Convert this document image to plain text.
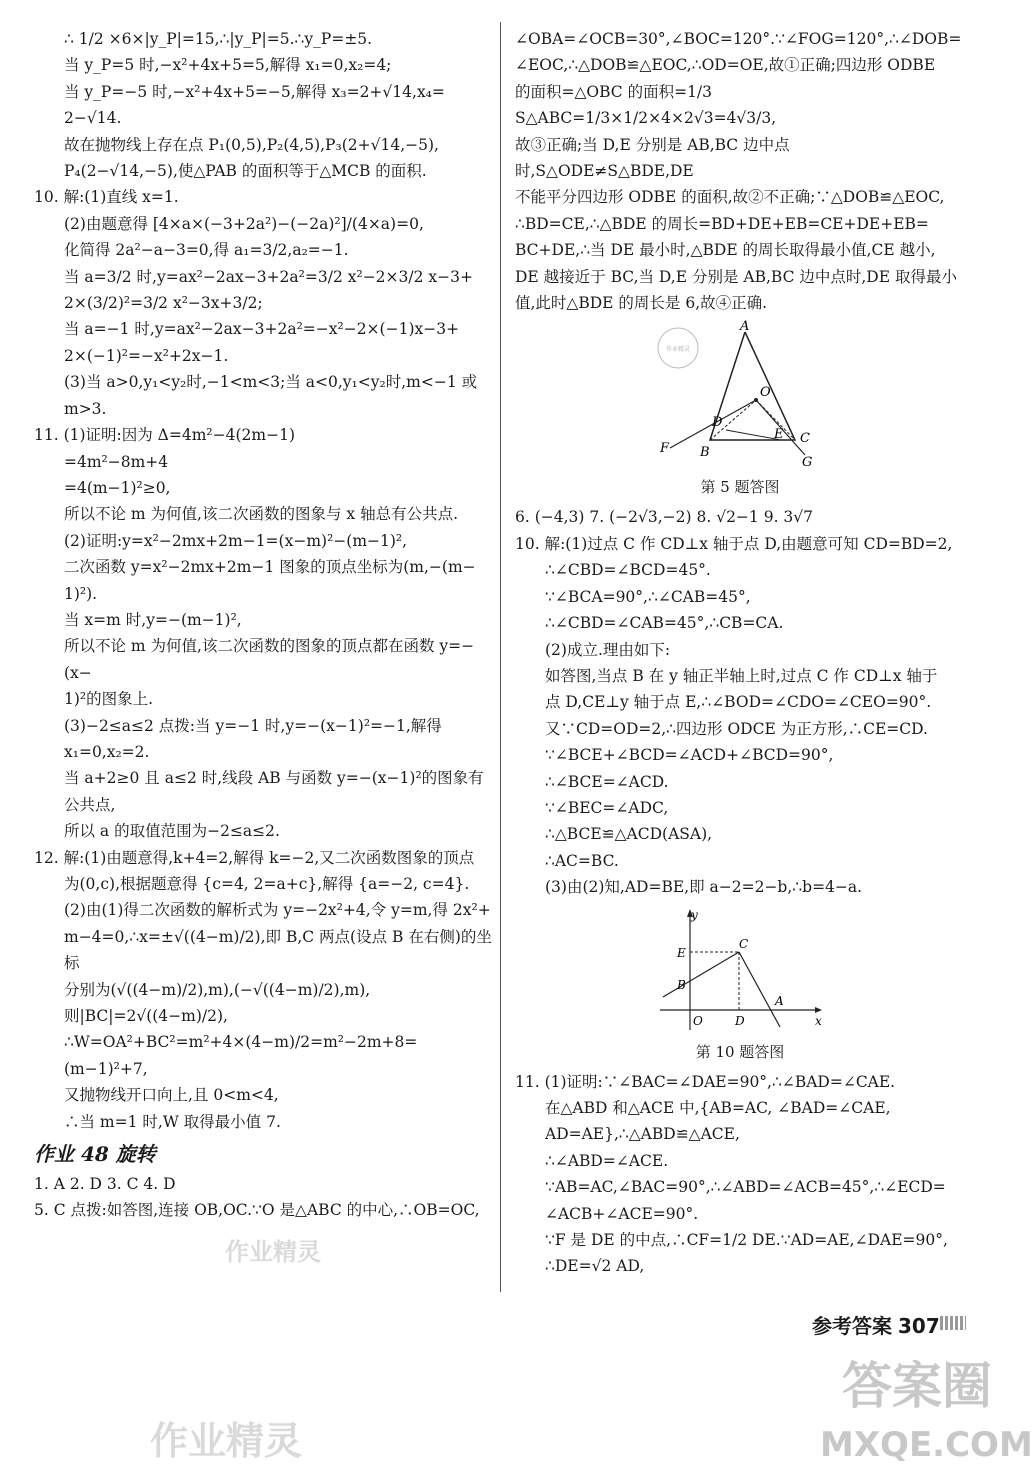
∴ 1/2 ×6×|y_P|=15,∴|y_P|=5.∴y_P=±5.
当 y_P=5 时,−x²+4x+5=5,解得 x₁=0,x₂=4;
当 y_P=−5 时,−x²+4x+5=−5,解得 x₃=2+√14,x₄=
2−√14.
故在抛物线上存在点 P₁(0,5),P₂(4,5),P₃(2+√14,−5),
P₄(2−√14,−5),使△PAB 的面积等于△MCB 的面积.
10. 解:(1)直线 x=1.
(2)由题意得 [4×a×(−3+2a²)−(−2a)²]/(4×a)=0,
化简得 2a²−a−3=0,得 a₁=3/2,a₂=−1.
当 a=3/2 时,y=ax²−2ax−3+2a²=3/2 x²−2×3/2 x−3+
2×(3/2)²=3/2 x²−3x+3/2;
当 a=−1 时,y=ax²−2ax−3+2a²=−x²−2×(−1)x−3+
2×(−1)²=−x²+2x−1.
(3)当 a>0,y₁<y₂时,−1<m<3;当 a<0,y₁<y₂时,m<−1 或
m>3.
11. (1)证明:因为 Δ=4m²−4(2m−1)
=4m²−8m+4
=4(m−1)²≥0,
所以不论 m 为何值,该二次函数的图象与 x 轴总有公共点.
(2)证明:y=x²−2mx+2m−1=(x−m)²−(m−1)²,
二次函数 y=x²−2mx+2m−1 图象的顶点坐标为(m,−(m−
1)²).
当 x=m 时,y=−(m−1)²,
所以不论 m 为何值,该二次函数的图象的顶点都在函数 y=−(x−
1)²的图象上.
(3)−2≤a≤2 点拨:当 y=−1 时,y=−(x−1)²=−1,解得
x₁=0,x₂=2.
当 a+2≥0 且 a≤2 时,线段 AB 与函数 y=−(x−1)²的图象有
公共点,
所以 a 的取值范围为−2≤a≤2.
12. 解:(1)由题意得,k+4=2,解得 k=−2,又二次函数图象的顶点
为(0,c),根据题意得 {c=4, 2=a+c},解得 {a=−2, c=4}.
(2)由(1)得二次函数的解析式为 y=−2x²+4,令 y=m,得 2x²+
m−4=0,∴x=±√((4−m)/2),即 B,C 两点(设点 B 在右侧)的坐标
分别为(√((4−m)/2),m),(−√((4−m)/2),m),则|BC|=2√((4−m)/2),
∴W=OA²+BC²=m²+4×(4−m)/2=m²−2m+8=(m−1)²+7,
又抛物线开口向上,且 0<m<4,
∴当 m=1 时,W 取得最小值 7.
作业 48 旋转
1. A 2. D 3. C 4. D
5. C 点拨:如答图,连接 OB,OC.∵O 是△ABC 的中心,∴OB=OC,
∠OBA=∠OCB=30°,∠BOC=120°.∵∠FOG=120°,∴∠DOB=
∠EOC,∴△DOB≌△EOC,∴OD=OE,故①正确;四边形 ODBE
的面积=△OBC 的面积=1/3 S△ABC=1/3×1/2×4×2√3=4√3/3,
故③正确;当 D,E 分别是 AB,BC 边中点时,S△ODE≠S△BDE,DE
不能平分四边形 ODBE 的面积,故②不正确;∵△DOB≌△EOC,
∴BD=CE,∴△BDE 的周长=BD+DE+EB=CE+DE+EB=
BC+DE,∴当 DE 最小时,△BDE 的周长取得最小值,CE 越小,
DE 越接近于 BC,当 D,E 分别是 AB,BC 边中点时,DE 取得最小
值,此时△BDE 的周长是 6,故④正确.
作业精灵
A
O
D
F B
E C
G
第 5 题答图
6. (−4,3) 7. (−2√3,−2) 8. √2−1 9. 3√7
10. 解:(1)过点 C 作 CD⊥x 轴于点 D,由题意可知 CD=BD=2,
∴∠CBD=∠BCD=45°.
∵∠BCA=90°,∴∠CAB=45°,
∴∠CBD=∠CAB=45°,∴CB=CA.
(2)成立.理由如下:
如答图,当点 B 在 y 轴正半轴上时,过点 C 作 CD⊥x 轴于
点 D,CE⊥y 轴于点 E,∴∠BOD=∠CDO=∠CEO=90°.
又∵CD=OD=2,∴四边形 ODCE 为正方形,∴CE=CD.
∵∠BCE+∠BCD=∠ACD+∠BCD=90°,
∴∠BCE=∠ACD.
∵∠BEC=∠ADC,
∴△BCE≌△ACD(ASA),
∴AC=BC.
(3)由(2)知,AD=BE,即 a−2=2−b,∴b=4−a.
y
E
C
B
O	D
A
x
第 10 题答图
11. (1)证明:∵∠BAC=∠DAE=90°,∴∠BAD=∠CAE.
在△ABD 和△ACE 中,{AB=AC, ∠BAD=∠CAE, AD=AE},∴△ABD≌△ACE,
∴∠ABD=∠ACE.
∵AB=AC,∠BAC=90°,∴∠ABD=∠ACB=45°,∴∠ECD=
∠ACB+∠ACE=90°.
∵F 是 DE 的中点,∴CF=1/2 DE.∵AD=AE,∠DAE=90°,
∴DE=√2 AD,
参考答案 307
作业精灵
作业精灵
答案圈
MXQE.COM
